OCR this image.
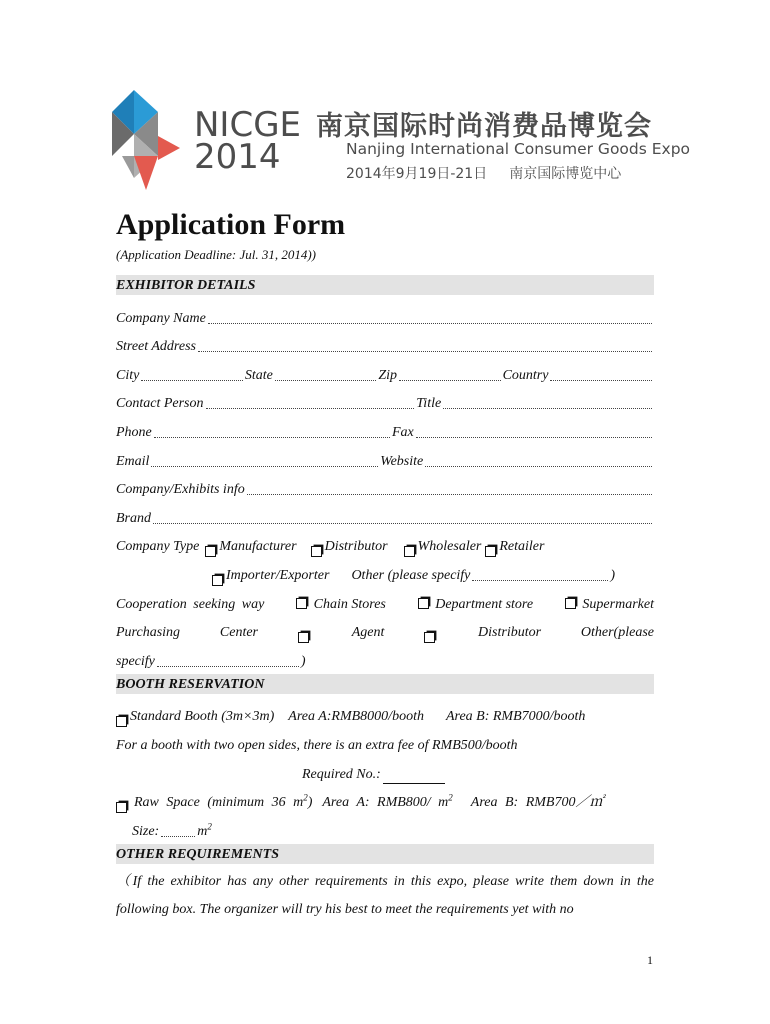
NICGE
2014
南京国际时尚消费品博览会
Nanjing International Consumer Goods Expo
2014年9月19日-21日 南京国际博览中心
Application Form
(Application Deadline: Jul. 31, 2014))
EXHIBITOR DETAILS
Company Name
Street Address
City	State	Zip	Country
Contact Person	Title
Phone	Fax
Email	Website
Company/Exhibits info
Brand
Company Type Manufacturer Distributor Wholesaler Retailer
Importer/Exporter Other (please specify	)
Cooperation seeking way	Chain Stores	Department store	Supermarket
Purchasing	Center	Agent	Distributor	Other(please
specify	)
BOOTH RESERVATION
Standard Booth (3m×3m) Area A:RMB8000/booth Area B: RMB7000/booth
For a booth with two open sides, there is an extra fee of RMB500/booth
Required No.:
Raw Space (minimum 36 $m^2$) Area A: RMB800/ $m^2$ Area B: RMB700／㎡
Size:	$m^2$
OTHER REQUIREMENTS
（If the exhibitor has any other requirements in this expo, please write them down in the following box. The organizer will try his best to meet the requirements yet with no
1
